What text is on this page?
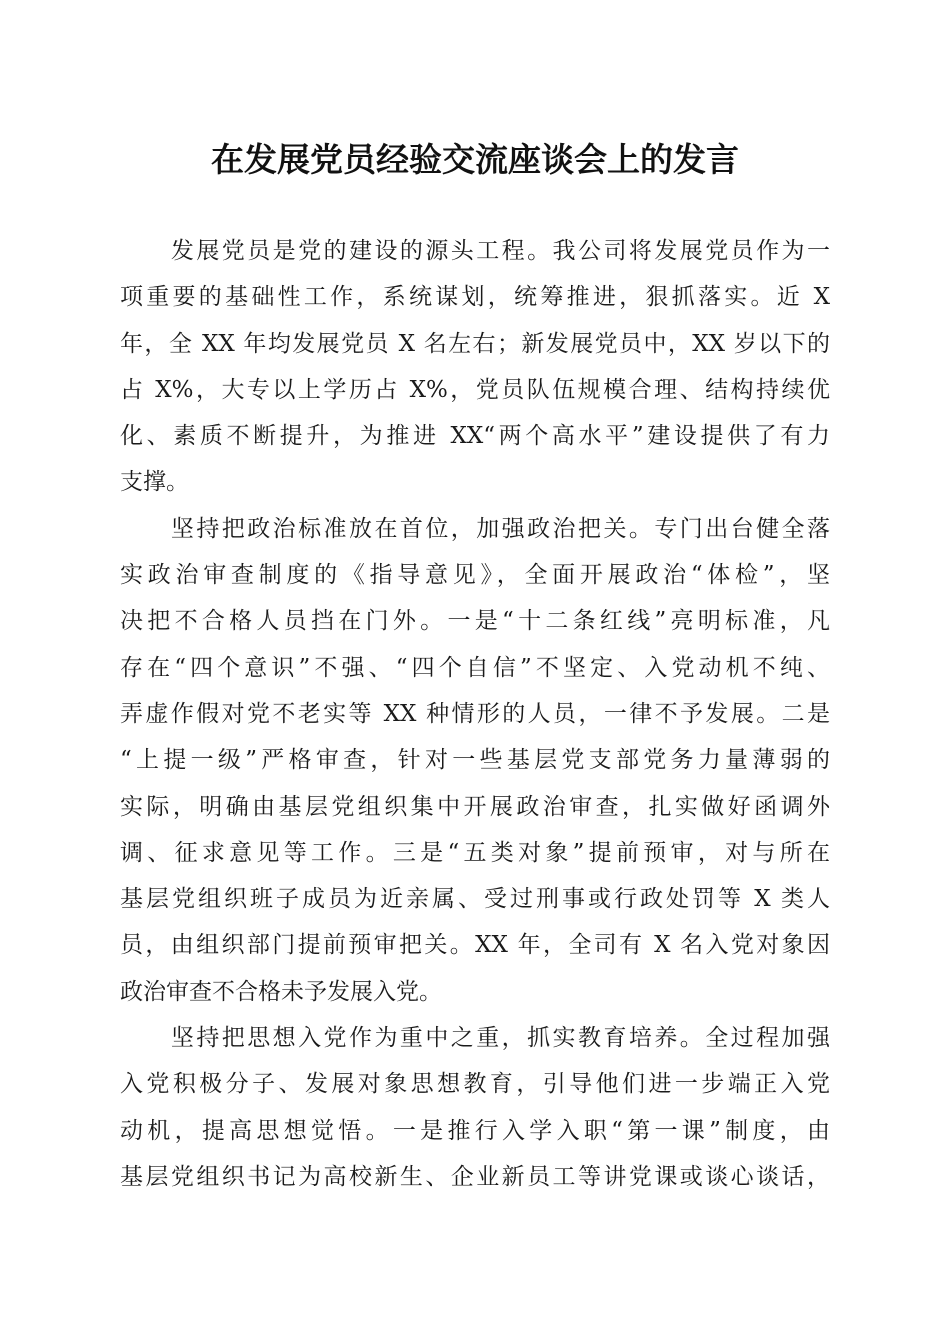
在发展党员经验交流座谈会上的发言
　　发展党员是党的建设的源头工程。我公司将发展党员作为一
项重要的基础性工作，系统谋划，统筹推进，狠抓落实。近 X
年，全 XX 年均发展党员 X 名左右；新发展党员中，XX 岁以下的
占 X%，大专以上学历占 X%，党员队伍规模合理、结构持续优
化、素质不断提升，为推进 XX“两个高水平”建设提供了有力
支撑。
　　坚持把政治标准放在首位，加强政治把关。专门出台健全落
实政治审查制度的《指导意见》，全面开展政治“体检”，坚
决把不合格人员挡在门外。一是“十二条红线”亮明标准，凡
存在“四个意识”不强、“四个自信”不坚定、入党动机不纯、
弄虚作假对党不老实等 XX 种情形的人员，一律不予发展。二是
“上提一级”严格审查，针对一些基层党支部党务力量薄弱的
实际，明确由基层党组织集中开展政治审查，扎实做好函调外
调、征求意见等工作。三是“五类对象”提前预审，对与所在
基层党组织班子成员为近亲属、受过刑事或行政处罚等 X 类人
员，由组织部门提前预审把关。XX 年，全司有 X 名入党对象因
政治审查不合格未予发展入党。
　　坚持把思想入党作为重中之重，抓实教育培养。全过程加强
入党积极分子、发展对象思想教育，引导他们进一步端正入党
动机，提高思想觉悟。一是推行入学入职“第一课”制度，由
基层党组织书记为高校新生、企业新员工等讲党课或谈心谈话，
